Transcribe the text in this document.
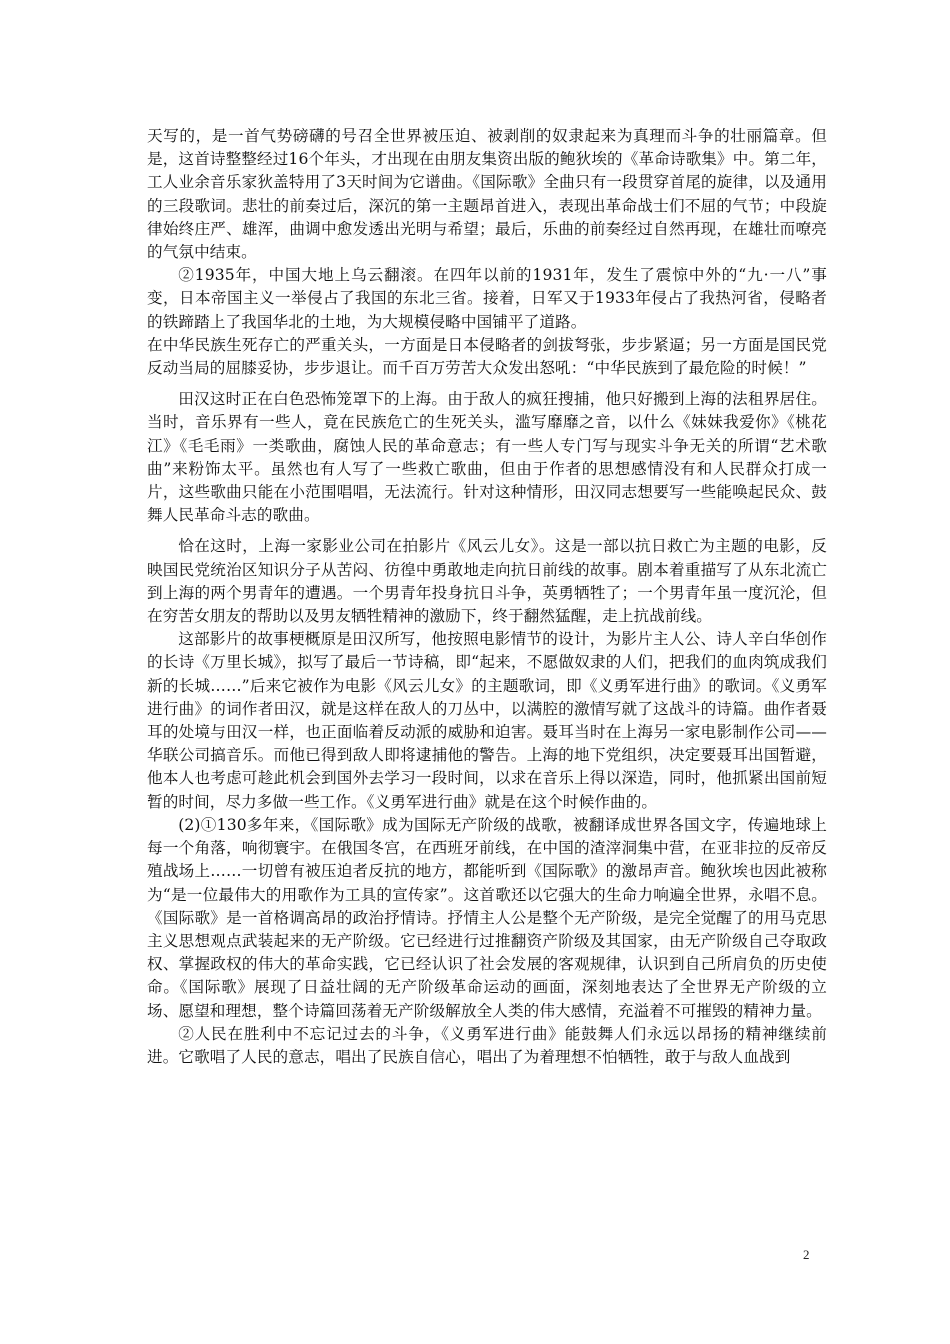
天写的，是一首气势磅礴的号召全世界被压迫、被剥削的奴隶起来为真理而斗争的壮丽篇章。但是，这首诗整整经过16个年头，才出现在由朋友集资出版的鲍狄埃的《革命诗歌集》中。第二年，工人业余音乐家狄盖特用了3天时间为它谱曲。《国际歌》全曲只有一段贯穿首尾的旋律，以及通用的三段歌词。悲壮的前奏过后，深沉的第一主题昂首进入，表现出革命战士们不屈的气节；中段旋律始终庄严、雄浑，曲调中愈发透出光明与希望；最后，乐曲的前奏经过自然再现，在雄壮而嘹亮的气氛中结束。

②1935年，中国大地上乌云翻滚。在四年以前的1931年，发生了震惊中外的“九·一八”事变，日本帝国主义一举侵占了我国的东北三省。接着，日军又于1933年侵占了我热河省，侵略者的铁蹄踏上了我国华北的土地，为大规模侵略中国铺平了道路。

在中华民族生死存亡的严重关头，一方面是日本侵略者的剑拔弩张，步步紧逼；另一方面是国民党反动当局的屈膝妥协，步步退让。而千百万劳苦大众发出怒吼：“中华民族到了最危险的时候！”

田汉这时正在白色恐怖笼罩下的上海。由于敌人的疯狂搜捕，他只好搬到上海的法租界居住。当时，音乐界有一些人，竟在民族危亡的生死关头，滥写靡靡之音，以什么《妹妹我爱你》《桃花江》《毛毛雨》一类歌曲，腐蚀人民的革命意志；有一些人专门写与现实斗争无关的所谓“艺术歌曲”来粉饰太平。虽然也有人写了一些救亡歌曲，但由于作者的思想感情没有和人民群众打成一片，这些歌曲只能在小范围唱唱，无法流行。针对这种情形，田汉同志想要写一些能唤起民众、鼓舞人民革命斗志的歌曲。

恰在这时，上海一家影业公司在拍影片《风云儿女》。这是一部以抗日救亡为主题的电影，反映国民党统治区知识分子从苦闷、彷徨中勇敢地走向抗日前线的故事。剧本着重描写了从东北流亡到上海的两个男青年的遭遇。一个男青年投身抗日斗争，英勇牺牲了；一个男青年虽一度沉沦，但在穷苦女朋友的帮助以及男友牺牲精神的激励下，终于翻然猛醒，走上抗战前线。

这部影片的故事梗概原是田汉所写，他按照电影情节的设计，为影片主人公、诗人辛白华创作的长诗《万里长城》，拟写了最后一节诗稿，即“起来，不愿做奴隶的人们，把我们的血肉筑成我们新的长城……”后来它被作为电影《风云儿女》的主题歌词，即《义勇军进行曲》的歌词。《义勇军进行曲》的词作者田汉，就是这样在敌人的刀丛中，以满腔的激情写就了这战斗的诗篇。曲作者聂耳的处境与田汉一样，也正面临着反动派的威胁和迫害。聂耳当时在上海另一家电影制作公司——华联公司搞音乐。而他已得到敌人即将逮捕他的警告。上海的地下党组织，决定要聂耳出国暂避，他本人也考虑可趁此机会到国外去学习一段时间，以求在音乐上得以深造，同时，他抓紧出国前短暂的时间，尽力多做一些工作。《义勇军进行曲》就是在这个时候作曲的。

(2)①130多年来，《国际歌》成为国际无产阶级的战歌，被翻译成世界各国文字，传遍地球上每一个角落，响彻寰宇。在俄国冬宫，在西班牙前线，在中国的渣滓洞集中营，在亚非拉的反帝反殖战场上……一切曾有被压迫者反抗的地方，都能听到《国际歌》的激昂声音。鲍狄埃也因此被称为“是一位最伟大的用歌作为工具的宣传家”。这首歌还以它强大的生命力响遍全世界，永唱不息。《国际歌》是一首格调高昂的政治抒情诗。抒情主人公是整个无产阶级，是完全觉醒了的用马克思主义思想观点武装起来的无产阶级。它已经进行过推翻资产阶级及其国家，由无产阶级自己夺取政权、掌握政权的伟大的革命实践，它已经认识了社会发展的客观规律，认识到自己所肩负的历史使命。《国际歌》展现了日益壮阔的无产阶级革命运动的画面，深刻地表达了全世界无产阶级的立场、愿望和理想，整个诗篇回荡着无产阶级解放全人类的伟大感情，充溢着不可摧毁的精神力量。

②人民在胜利中不忘记过去的斗争，《义勇军进行曲》能鼓舞人们永远以昂扬的精神继续前进。它歌唱了人民的意志，唱出了民族自信心，唱出了为着理想不怕牺牲，敢于与敌人血战到

2
